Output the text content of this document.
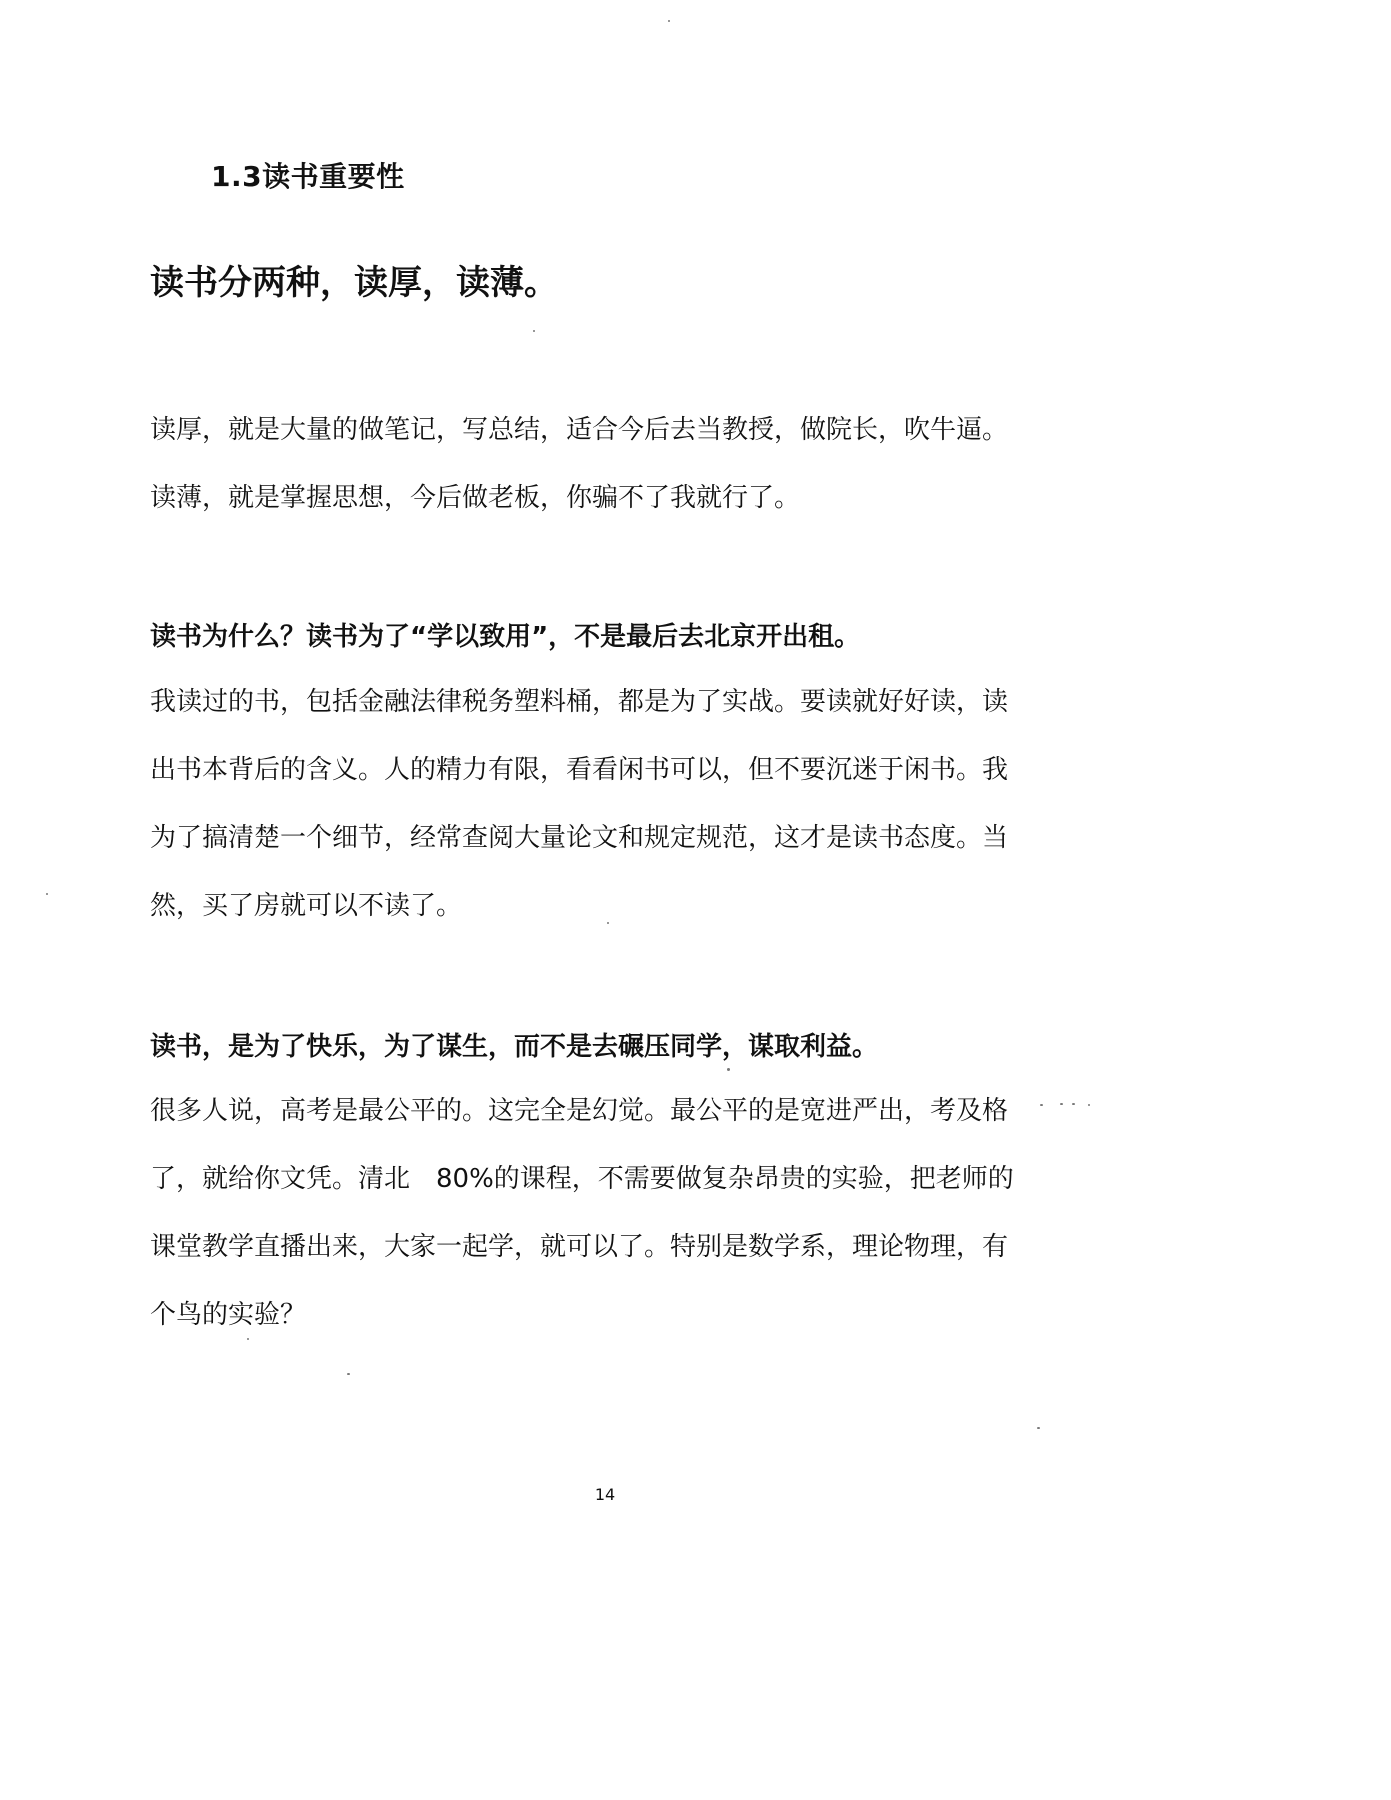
1.3读书重要性
读书分两种，读厚，读薄。
读厚，就是大量的做笔记，写总结，适合今后去当教授，做院长，吹牛逼。
读薄，就是掌握思想，今后做老板，你骗不了我就行了。
读书为什么？读书为了“学以致用”，不是最后去北京开出租。
我读过的书，包括金融法律税务塑料桶，都是为了实战。要读就好好读，读
出书本背后的含义。人的精力有限，看看闲书可以，但不要沉迷于闲书。我
为了搞清楚一个细节，经常查阅大量论文和规定规范，这才是读书态度。当
然，买了房就可以不读了。
读书，是为了快乐，为了谋生，而不是去碾压同学，谋取利益。
很多人说，高考是最公平的。这完全是幻觉。最公平的是宽进严出，考及格
了，就给你文凭。清北　80%的课程，不需要做复杂昂贵的实验，把老师的
课堂教学直播出来，大家一起学，就可以了。特别是数学系，理论物理，有
个鸟的实验？
14
